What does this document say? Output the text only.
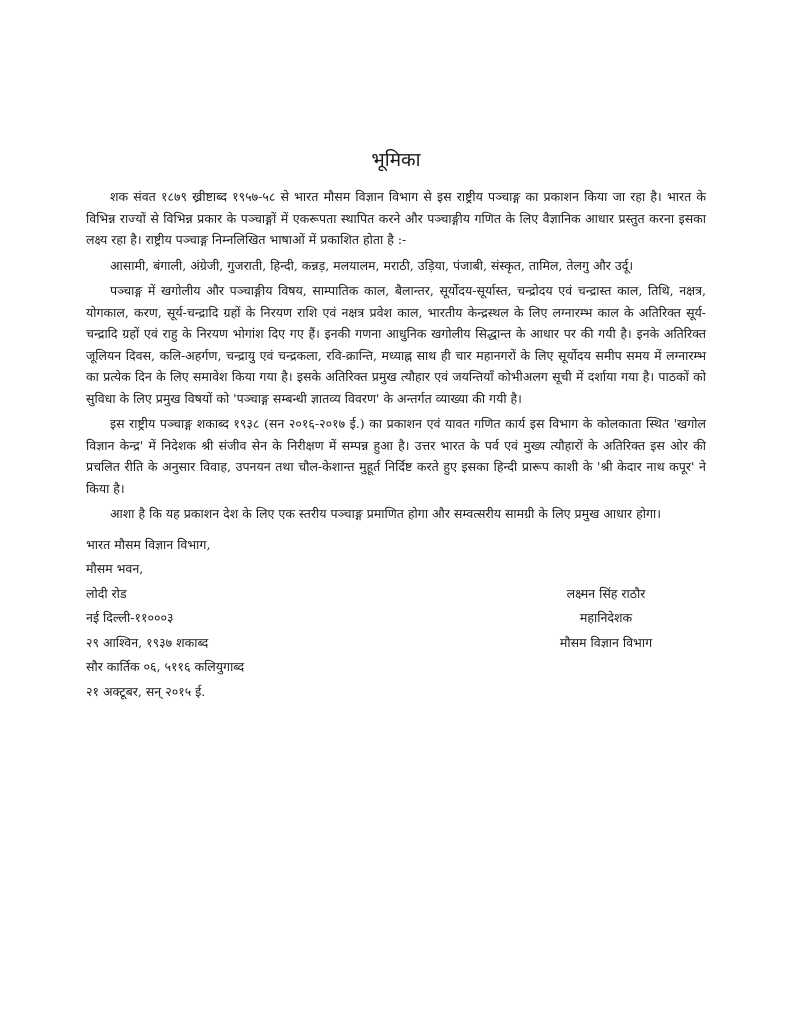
भूमिका

शक संवत १८७९ ख्रीष्टाब्द १९५७-५८ से भारत मौसम विज्ञान विभाग से इस राष्ट्रीय पञ्चाङ्ग का प्रकाशन किया जा रहा है। भारत के विभिन्न राज्यों से विभिन्न प्रकार के पञ्चाङ्गों में एकरूपता स्थापित करने और पञ्चाङ्गीय गणित के लिए वैज्ञानिक आधार प्रस्तुत करना इसका लक्ष्य रहा है। राष्ट्रीय पञ्चाङ्ग निम्नलिखित भाषाओं में प्रकाशित होता है :-

आसामी, बंगाली, अंग्रेजी, गुजराती, हिन्दी, कन्नड़, मलयालम, मराठी, उड़िया, पंजाबी, संस्कृत, तामिल, तेलगु और उर्दू।

पञ्चाङ्ग में खगोलीय और पञ्चाङ्गीय विषय, साम्पातिक काल, बैलान्तर, सूर्योदय-सूर्यास्त, चन्द्रोदय एवं चन्द्रास्त काल, तिथि, नक्षत्र, योगकाल, करण, सूर्य-चन्द्रादि ग्रहों के निरयण राशि एवं नक्षत्र प्रवेश काल, भारतीय केन्द्रस्थल के लिए लग्नारम्भ काल के अतिरिक्त सूर्य-चन्द्रादि ग्रहों एवं राहु के निरयण भोगांश दिए गए हैं। इनकी गणना आधुनिक खगोलीय सिद्धान्त के आधार पर की गयी है। इनके अतिरिक्त जूलियन दिवस, कलि-अहर्गण, चन्द्रायु एवं चन्द्रकला, रवि-क्रान्ति, मध्याह्न साथ ही चार महानगरों के लिए सूर्योदय समीप समय में लग्नारम्भ का प्रत्येक दिन के लिए समावेश किया गया है। इसके अतिरिक्त प्रमुख त्यौहार एवं जयन्तियाँ कोभीअलग सूची में दर्शाया गया है। पाठकों को सुविधा के लिए प्रमुख विषयों को 'पञ्चाङ्ग सम्बन्धी ज्ञातव्य विवरण' के अन्तर्गत व्याख्या की गयी है।

इस राष्ट्रीय पञ्चाङ्ग शकाब्द १९३८ (सन २०१६-२०१७ ई.) का प्रकाशन एवं यावत गणित कार्य इस विभाग के कोलकाता स्थित 'खगोल विज्ञान केन्द्र' में निदेशक श्री संजीव सेन के निरीक्षण में सम्पन्न हुआ है। उत्तर भारत के पर्व एवं मुख्य त्यौहारों के अतिरिक्त इस ओर की प्रचलित रीति के अनुसार विवाह, उपनयन तथा चौल-केशान्त मुहूर्त निर्दिष्ट करते हुए इसका हिन्दी प्रारूप काशी के 'श्री केदार नाथ कपूर' ने किया है।

आशा है कि यह प्रकाशन देश के लिए एक स्तरीय पञ्चाङ्ग प्रमाणित होगा और सम्वत्सरीय सामग्री के लिए प्रमुख आधार होगा।

भारत मौसम विज्ञान विभाग,
मौसम भवन,
लोदी रोड
नई दिल्ली-११०००३
२९ आश्विन, १९३७ शकाब्द
सौर कार्तिक ०६, ५११६ कलियुगाब्द
२१ अक्टूबर, सन् २०१५ ई.
लक्ष्मन सिंह राठौर
महानिदेशक
मौसम विज्ञान विभाग
